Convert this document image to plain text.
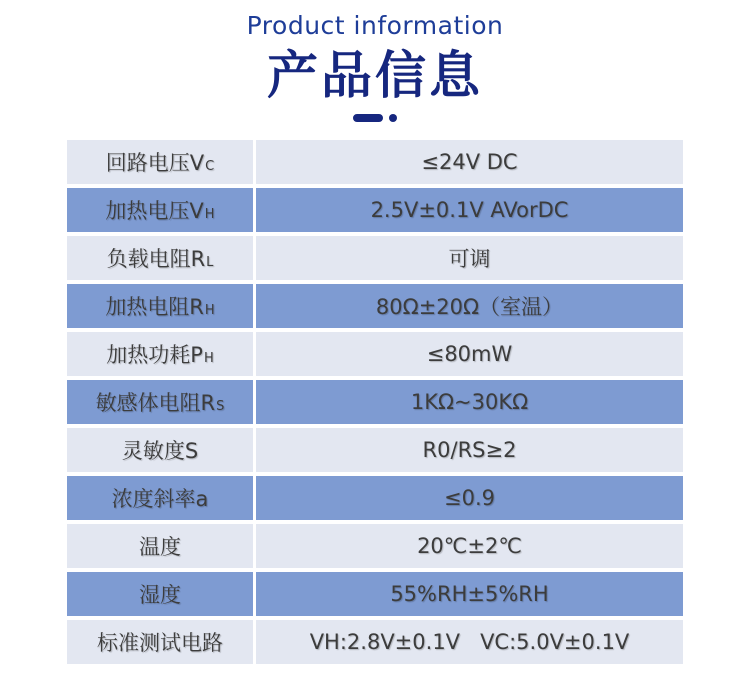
Product information
产品信息
回路电压V C	≤24V DC
加热电压V H	2.5V±0.1V AVorDC
负载电阻R L	可调
加热电阻R H	80Ω±20Ω（室温）
加热功耗P H	≤80mW
敏感体电阻R S	1KΩ~30KΩ
灵敏度S	R0/RS≥2
浓度斜率a	≤0.9
温度	20℃±2℃
湿度	55%RH±5%RH
标准测试电路	VH:2.8V±0.1V   VC:5.0V±0.1V
